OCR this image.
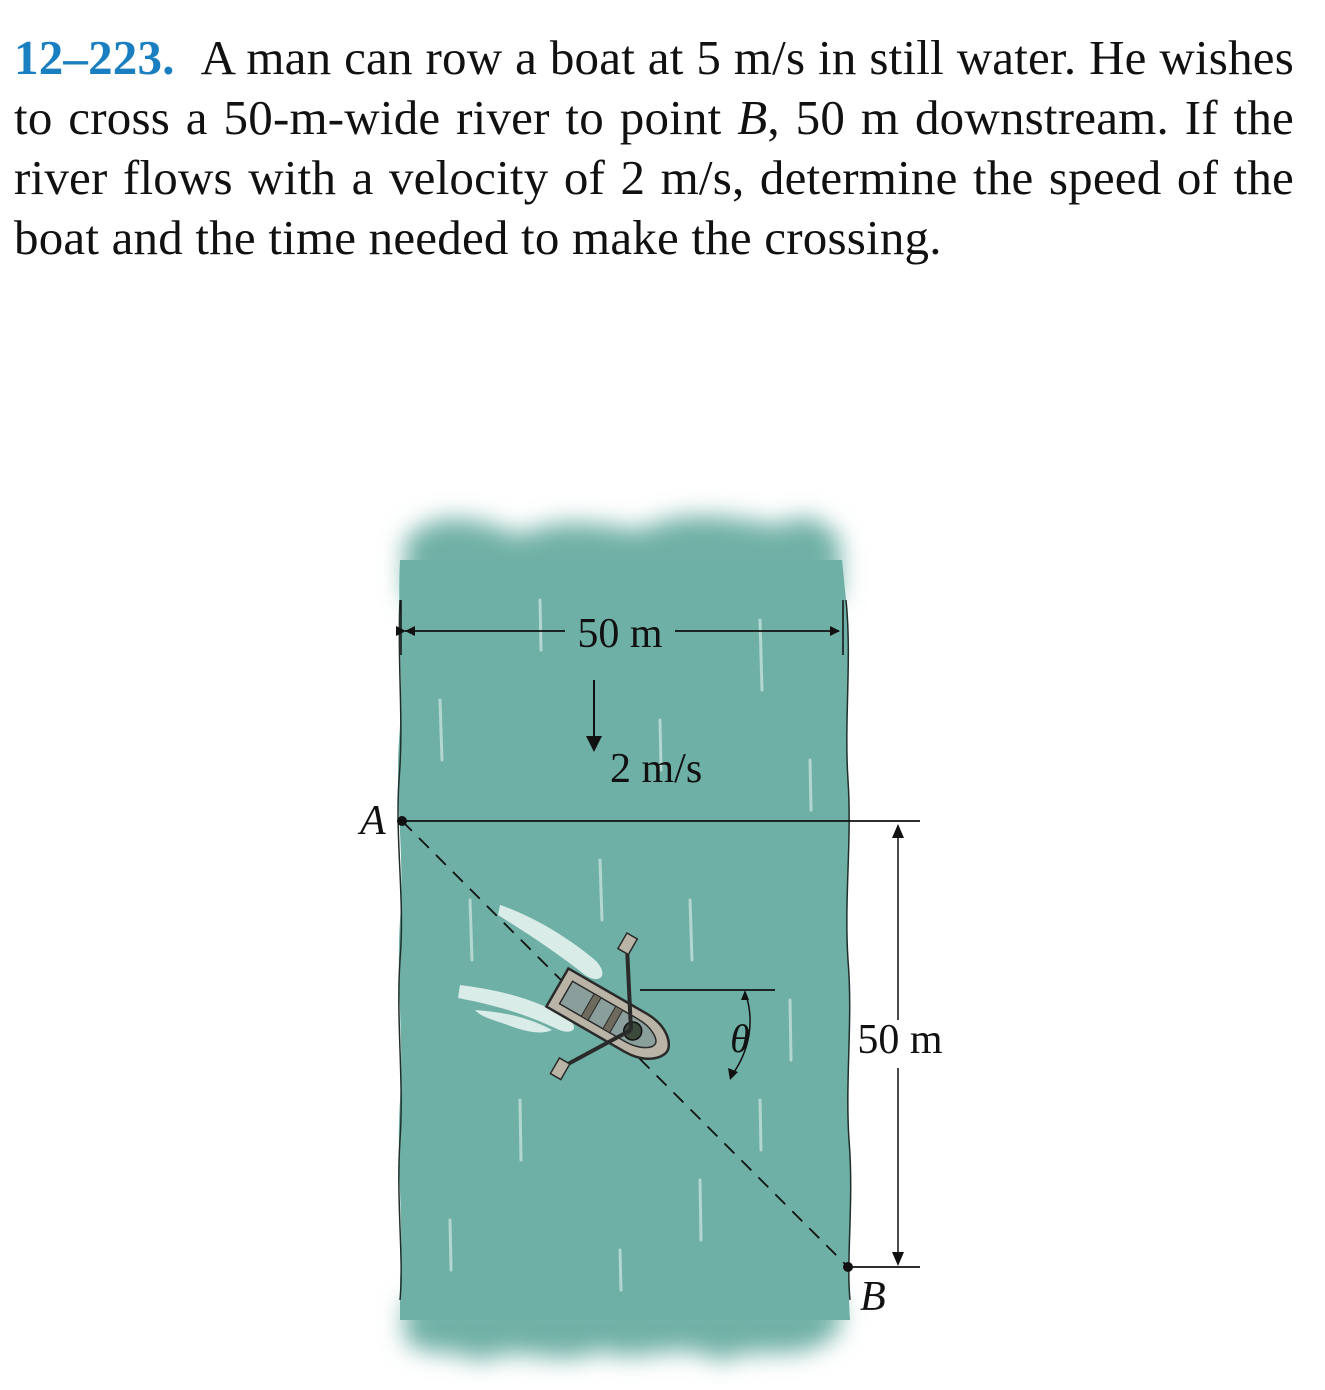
12–223. A man can row a boat at 5 m/s in still water. He wishes to cross a 50-m-wide river to point B, 50 m downstream. If the river flows with a velocity of 2 m/s, determine the speed of the boat and the time needed to make the crossing.
50 m
2 m/s
A
50 m
B
θ
